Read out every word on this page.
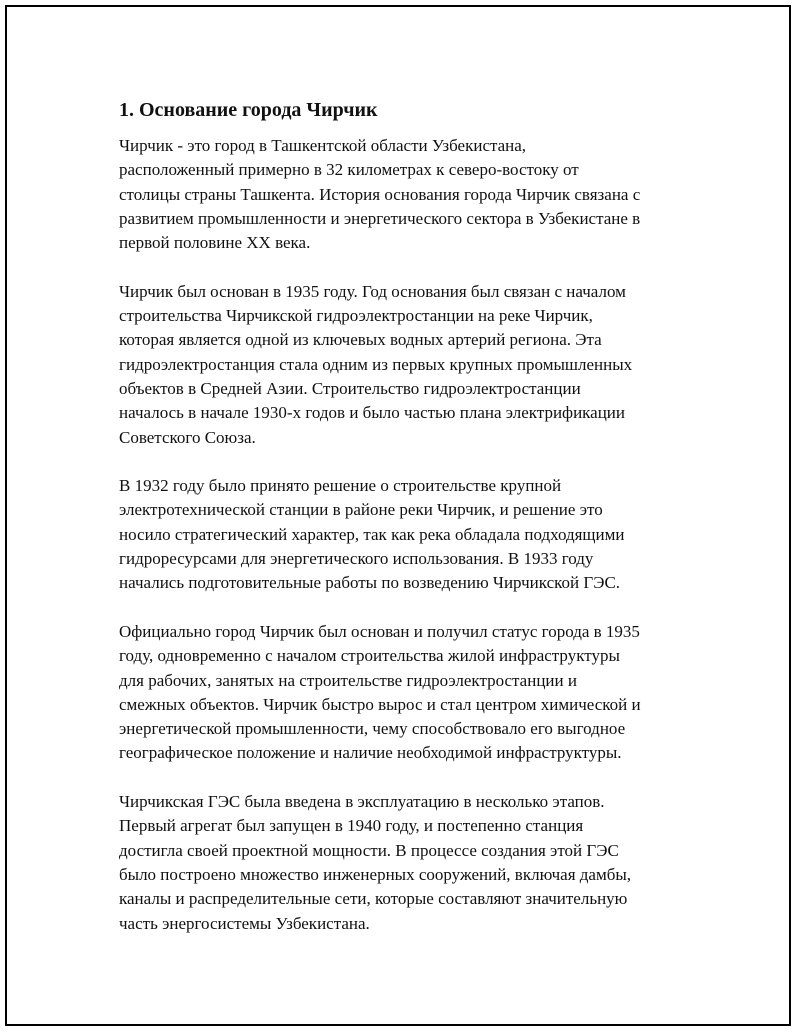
1. Основание города Чирчик
Чирчик - это город в Ташкентской области Узбекистана,
расположенный примерно в 32 километрах к северо-востоку от
столицы страны Ташкента. История основания города Чирчик связана с
развитием промышленности и энергетического сектора в Узбекистане в
первой половине XX века.
Чирчик был основан в 1935 году. Год основания был связан с началом
строительства Чирчикской гидроэлектростанции на реке Чирчик,
которая является одной из ключевых водных артерий региона. Эта
гидроэлектростанция стала одним из первых крупных промышленных
объектов в Средней Азии. Строительство гидроэлектростанции
началось в начале 1930-х годов и было частью плана электрификации
Советского Союза.
В 1932 году было принято решение о строительстве крупной
электротехнической станции в районе реки Чирчик, и решение это
носило стратегический характер, так как река обладала подходящими
гидроресурсами для энергетического использования. В 1933 году
начались подготовительные работы по возведению Чирчикской ГЭС.
Официально город Чирчик был основан и получил статус города в 1935
году, одновременно с началом строительства жилой инфраструктуры
для рабочих, занятых на строительстве гидроэлектростанции и
смежных объектов. Чирчик быстро вырос и стал центром химической и
энергетической промышленности, чему способствовало его выгодное
географическое положение и наличие необходимой инфраструктуры.
Чирчикская ГЭС была введена в эксплуатацию в несколько этапов.
Первый агрегат был запущен в 1940 году, и постепенно станция
достигла своей проектной мощности. В процессе создания этой ГЭС
было построено множество инженерных сооружений, включая дамбы,
каналы и распределительные сети, которые составляют значительную
часть энергосистемы Узбекистана.
